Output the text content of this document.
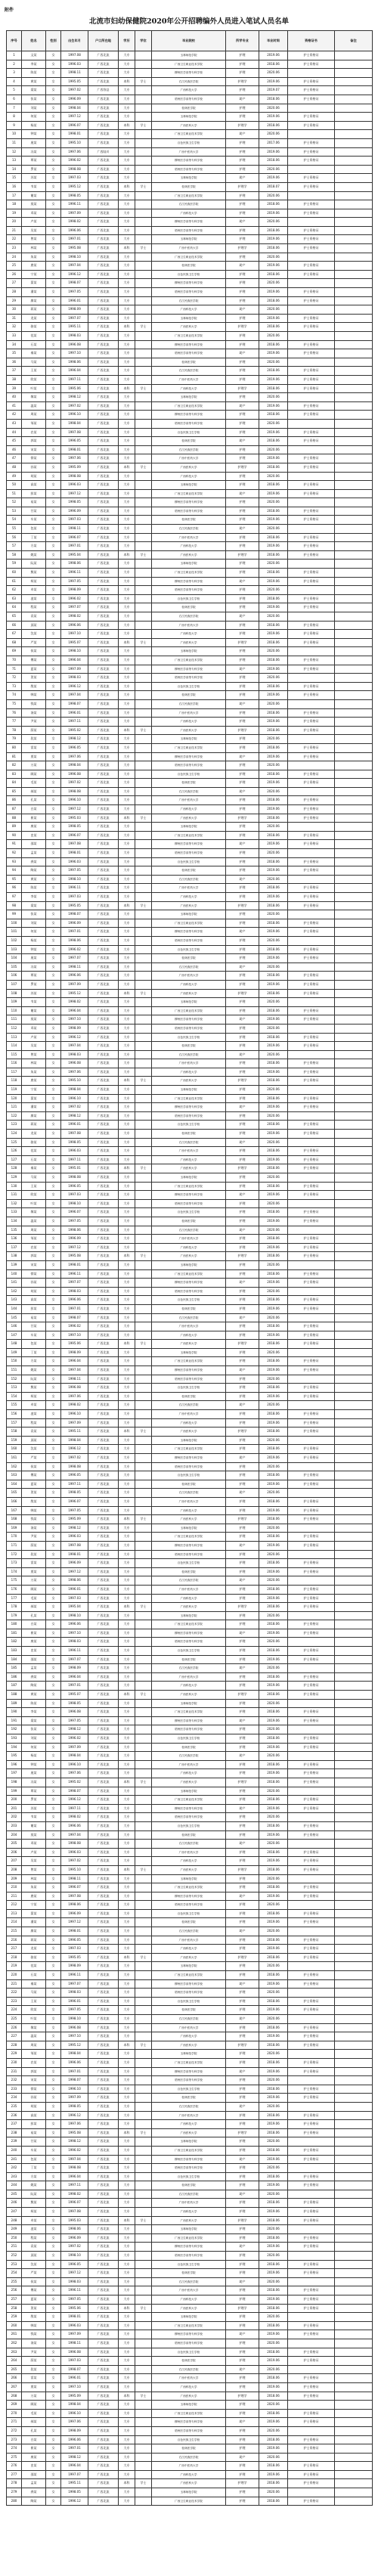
附件
北流市妇幼保健院2020年公开招聘编外人员进入笔试人员名单
序号	姓名	性别	出生年月	户口所在地	学历	学位	毕业院校	所学专业	毕业时间	资格证书	备注
1	文某	女	1997.08	广西北流	大专		玉林师范学院	护理	2019.06	护士资格证	
2	李某	女	1996.03	广西北流	大专		广西卫生职业技术学院	护理	2018.06	护士资格证	
3	陈某	女	1998.11	广西北流	大专		柳州医学高等专科学校	护理	2020.06		
4	黄某	女	1995.05	广西北流	本科	学士	右江民族医学院	护理学	2019.06	护士资格证	
5	梁某	女	1997.02	广西容县	大专		广西科技大学	护理	2019.07	护士资格证	
6	张某	女	1996.09	广西北流	大专		梧州医学高等专科学校	助产	2018.06	护士资格证	
7	刘某	女	1998.04	广西北流	大专		桂林医学院	护理	2020.06		
8	何某	女	1997.12	广西北流	大专		玉林师范学院	护理	2019.06	护士资格证	
9	杨某	女	1996.07	广西北流	本科	学士	广西医科大学	护理学	2018.06	护士资格证	
10	钟某	女	1998.01	广西北流	大专		广西卫生职业技术学院	助产	2020.06		
11	庞某	女	1995.10	广西北流	大专		百色民族卫生学校	护理	2017.06	护士资格证	
12	冯某	女	1997.06	广西陆川	大专		广西中医药大学	护理	2019.06	护士资格证	
13	覃某	女	1996.02	广西北流	大专		柳州医学高等专科学校	护理	2018.06	护士资格证	
14	罗某	女	1998.08	广西北流	大专		梧州医学高等专科学校	护理	2020.06		
15	苏某	女	1997.03	广西北流	大专		玉林师范学院	助产	2019.06	护士资格证	
16	韦某	女	1995.12	广西北流	本科	学士	桂林医学院	护理学	2018.07	护士资格证	
17	谢某	女	1998.05	广西北流	大专		广西卫生职业技术学院	护理	2020.06		
18	莫某	女	1996.11	广西北流	大专		右江民族医学院	护理	2018.06	护士资格证	
19	邓某	女	1997.09	广西北流	大专		广西科技大学	护理	2019.06	护士资格证	
20	卢某	女	1998.02	广西北流	大专		柳州医学高等专科学校	助产	2020.06		
21	吴某	女	1996.06	广西北流	大专		梧州医学高等专科学校	护理	2018.06	护士资格证	
22	曾某	女	1997.01	广西北流	大专		玉林师范学院	护理	2019.06	护士资格证	
23	林某	女	1995.08	广西北流	本科	学士	广西中医药大学	护理学	2018.06	护士资格证	
24	朱某	女	1998.10	广西北流	大专		广西卫生职业技术学院	护理	2020.06		
25	唐某	女	1997.04	广西北流	大专		桂林医学院	助产	2019.06	护士资格证	
26	宁某	女	1996.12	广西北流	大专		百色民族卫生学校	护理	2018.06	护士资格证	
27	蒙某	女	1998.07	广西北流	大专		柳州医学高等专科学校	护理	2020.06		
28	潘某	女	1997.05	广西北流	大专		梧州医学高等专科学校	护理	2019.06	护士资格证	
29	廖某	女	1996.01	广西北流	大专		右江民族医学院	护理	2018.06	护士资格证	
30	蒋某	女	1998.09	广西北流	大专		广西科技大学	助产	2020.06		
31	龙某	女	1997.07	广西北流	大专		玉林师范学院	护理	2019.06	护士资格证	
32	骆某	女	1995.11	广西北流	本科	学士	广西医科大学	护理学	2018.06	护士资格证	
33	范某	女	1998.03	广西北流	大专		广西卫生职业技术学院	护理	2020.06		
34	石某	女	1996.08	广西北流	大专		柳州医学高等专科学校	护理	2018.06	护士资格证	
35	秦某	女	1997.10	广西北流	大专		梧州医学高等专科学校	助产	2019.06	护士资格证	
36	马某	女	1998.06	广西北流	大专		桂林医学院	护理	2020.06		
37	王某	女	1996.04	广西北流	大专		右江民族医学院	护理	2018.06	护士资格证	
38	欧某	女	1997.11	广西北流	大专		广西中医药大学	护理	2019.06	护士资格证	
39	叶某	女	1995.06	广西北流	本科	学士	广西科技大学	护理学	2018.06	护士资格证	
40	黎某	女	1998.12	广西北流	大专		玉林师范学院	护理	2020.06		
41	温某	女	1997.02	广西北流	大专		广西卫生职业技术学院	助产	2019.06	护士资格证	
42	周某	女	1996.10	广西北流	大专		柳州医学高等专科学校	护理	2018.06	护士资格证	
43	邹某	女	1998.04	广西北流	大专		梧州医学高等专科学校	护理	2020.06		
44	农某	女	1997.08	广西北流	大专		百色民族卫生学校	护理	2019.06	护士资格证	
45	郭某	女	1996.05	广西北流	大专		桂林医学院	助产	2018.06	护士资格证	
46	宋某	女	1998.01	广西北流	大专		右江民族医学院	护理	2020.06		
47	徐某	女	1997.06	广西北流	大专		广西中医药大学	护理	2019.06	护士资格证	
48	孙某	女	1995.09	广西北流	本科	学士	广西医科大学	护理学	2018.06	护士资格证	
49	胡某	女	1998.08	广西北流	大专		广西科技大学	护理	2020.06		
50	高某	女	1996.03	广西北流	大专		玉林师范学院	护理	2018.06	护士资格证	
51	彭某	女	1997.12	广西北流	大专		广西卫生职业技术学院	助产	2019.06	护士资格证	
52	易某	女	1998.05	广西北流	大专		柳州医学高等专科学校	护理	2020.06		
53	甘某	女	1996.09	广西北流	大专		梧州医学高等专科学校	护理	2018.06	护士资格证	
54	车某	女	1997.03	广西北流	大专		桂林医学院	护理	2019.06	护士资格证	
55	包某	女	1998.11	广西北流	大专		右江民族医学院	助产	2020.06		
56	丁某	女	1996.07	广西北流	大专		广西中医药大学	护理	2018.06	护士资格证	
57	方某	女	1997.01	广西北流	大专		广西科技大学	护理	2019.06	护士资格证	
58	姚某	女	1995.04	广西北流	本科	学士	广西医科大学	护理学	2018.06	护士资格证	
59	阮某	女	1998.06	广西北流	大专		玉林师范学院	护理	2020.06		
60	熊某	女	1996.11	广西北流	大专		广西卫生职业技术学院	护理	2018.06	护士资格证	
61	柯某	女	1997.05	广西北流	大专		柳州医学高等专科学校	助产	2019.06	护士资格证	
62	卓某	女	1998.09	广西北流	大专		梧州医学高等专科学校	护理	2020.06		
63	凌某	女	1996.02	广西北流	大专		百色民族卫生学校	护理	2018.06	护士资格证	
64	程某	女	1997.07	广西北流	大专		桂林医学院	护理	2019.06	护士资格证	
65	袁某	女	1998.02	广西北流	大专		右江民族医学院	助产	2020.06		
66	邱某	女	1996.06	广西北流	大专		广西中医药大学	护理	2018.06	护士资格证	
67	沈某	女	1997.10	广西北流	大专		广西科技大学	护理	2019.06	护士资格证	
68	严某	女	1995.07	广西北流	本科	学士	广西医科大学	护理学	2018.06	护士资格证	
69	侯某	女	1998.10	广西北流	大专		玉林师范学院	护理	2020.06		
70	傅某	女	1996.04	广西北流	大专		广西卫生职业技术学院	护理	2018.06	护士资格证	
71	夏某	女	1997.09	广西北流	大专		柳州医学高等专科学校	助产	2019.06	护士资格证	
72	贺某	女	1998.03	广西北流	大专		梧州医学高等专科学校	护理	2020.06		
73	殷某	女	1996.12	广西北流	大专		百色民族卫生学校	护理	2018.06	护士资格证	
74	韩某	女	1997.04	广西北流	大专		桂林医学院	护理	2019.06	护士资格证	
75	钱某	女	1998.07	广西北流	大专		右江民族医学院	助产	2020.06		
76	汤某	女	1996.01	广西北流	大专		广西中医药大学	护理	2018.06	护士资格证	
77	尹某	女	1997.11	广西北流	大专		广西科技大学	护理	2019.06	护士资格证	
78	薛某	女	1995.02	广西北流	本科	学士	广西医科大学	护理学	2018.06	护士资格证	
79	段某	女	1998.12	广西北流	大专		玉林师范学院	护理	2020.06		
80	雷某	女	1996.05	广西北流	大专		广西卫生职业技术学院	护理	2018.06	护士资格证	
81	贾某	女	1997.06	广西北流	大专		柳州医学高等专科学校	助产	2019.06	护士资格证	
82	万某	女	1998.04	广西北流	大专		梧州医学高等专科学校	护理	2020.06		
83	顾某	女	1996.08	广西北流	大专		百色民族卫生学校	护理	2018.06	护士资格证	
84	毛某	女	1997.02	广西北流	大专		桂林医学院	护理	2019.06	护士资格证	
85	郝某	女	1998.08	广西北流	大专		右江民族医学院	助产	2020.06		
86	孔某	女	1996.10	广西北流	大专		广西中医药大学	护理	2018.06	护士资格证	
87	白某	女	1997.12	广西北流	大专		广西科技大学	护理	2019.06	护士资格证	
88	崔某	女	1995.03	广西北流	本科	学士	广西医科大学	护理学	2018.06	护士资格证	
89	康某	女	1998.05	广西北流	大专		玉林师范学院	护理	2020.06		
90	史某	女	1996.07	广西北流	大专		广西卫生职业技术学院	护理	2018.06	护士资格证	
91	邵某	女	1997.08	广西北流	大专		柳州医学高等专科学校	助产	2019.06	护士资格证	
92	孟某	女	1998.01	广西北流	大专		梧州医学高等专科学校	护理	2020.06		
93	龚某	女	1996.03	广西北流	大专		百色民族卫生学校	护理	2018.06	护士资格证	
94	陶某	女	1997.05	广西北流	大专		桂林医学院	护理	2019.06	护士资格证	
95	黄某	女	1998.10	广西北流	大专		右江民族医学院	助产	2020.06		
96	陈某	女	1996.11	广西北流	大专		广西中医药大学	护理	2018.06	护士资格证	
97	李某	女	1997.03	广西北流	大专		广西科技大学	护理	2019.06	护士资格证	
98	梁某	女	1995.05	广西北流	本科	学士	广西医科大学	护理学	2018.06	护士资格证	
99	张某	女	1998.07	广西北流	大专		玉林师范学院	护理	2020.06		
100	刘某	女	1996.09	广西北流	大专		广西卫生职业技术学院	护理	2018.06	护士资格证	
101	何某	女	1997.01	广西北流	大专		柳州医学高等专科学校	助产	2019.06	护士资格证	
102	杨某	女	1998.06	广西北流	大专		梧州医学高等专科学校	护理	2020.06		
103	钟某	女	1996.02	广西北流	大专		百色民族卫生学校	护理	2018.06	护士资格证	
104	庞某	女	1997.07	广西北流	大专		桂林医学院	护理	2019.06	护士资格证	
105	冯某	女	1998.11	广西北流	大专		右江民族医学院	助产	2020.06		
106	覃某	女	1996.06	广西北流	大专		广西中医药大学	护理	2018.06	护士资格证	
107	罗某	女	1997.09	广西北流	大专		广西科技大学	护理	2019.06	护士资格证	
108	苏某	女	1995.12	广西北流	本科	学士	广西医科大学	护理学	2018.06	护士资格证	
109	韦某	女	1998.02	广西北流	大专		玉林师范学院	护理	2020.06		
110	谢某	女	1996.04	广西北流	大专		广西卫生职业技术学院	护理	2018.06	护士资格证	
111	莫某	女	1997.10	广西北流	大专		柳州医学高等专科学校	助产	2019.06	护士资格证	
112	邓某	女	1998.09	广西北流	大专		梧州医学高等专科学校	护理	2020.06		
113	卢某	女	1996.12	广西北流	大专		百色民族卫生学校	护理	2018.06	护士资格证	
114	吴某	女	1997.04	广西北流	大专		桂林医学院	护理	2019.06	护士资格证	
115	曾某	女	1998.03	广西北流	大专		右江民族医学院	助产	2020.06		
116	林某	女	1996.08	广西北流	大专		广西中医药大学	护理	2018.06	护士资格证	
117	朱某	女	1997.06	广西北流	大专		广西科技大学	护理	2019.06	护士资格证	
118	唐某	女	1995.10	广西北流	本科	学士	广西医科大学	护理学	2018.06	护士资格证	
119	宁某	女	1998.04	广西北流	大专		玉林师范学院	护理	2020.06		
120	蒙某	女	1996.10	广西北流	大专		广西卫生职业技术学院	护理	2018.06	护士资格证	
121	潘某	女	1997.02	广西北流	大专		柳州医学高等专科学校	助产	2019.06	护士资格证	
122	廖某	女	1998.12	广西北流	大专		梧州医学高等专科学校	护理	2020.06		
123	蒋某	女	1996.01	广西北流	大专		百色民族卫生学校	护理	2018.06	护士资格证	
124	龙某	女	1997.08	广西北流	大专		桂林医学院	护理	2019.06	护士资格证	
125	骆某	女	1998.05	广西北流	大专		右江民族医学院	助产	2020.06		
126	范某	女	1996.03	广西北流	大专		广西中医药大学	护理	2018.06	护士资格证	
127	石某	女	1997.11	广西北流	大专		广西科技大学	护理	2019.06	护士资格证	
128	秦某	女	1995.01	广西北流	本科	学士	广西医科大学	护理学	2018.06	护士资格证	
129	马某	女	1998.08	广西北流	大专		玉林师范学院	护理	2020.06		
130	王某	女	1996.05	广西北流	大专		广西卫生职业技术学院	护理	2018.06	护士资格证	
131	欧某	女	1997.03	广西北流	大专		柳州医学高等专科学校	助产	2019.06	护士资格证	
132	叶某	女	1998.10	广西北流	大专		梧州医学高等专科学校	护理	2020.06		
133	黎某	女	1996.07	广西北流	大专		百色民族卫生学校	护理	2018.06	护士资格证	
134	温某	女	1997.05	广西北流	大专		桂林医学院	护理	2019.06	护士资格证	
135	周某	女	1998.06	广西北流	大专		右江民族医学院	助产	2020.06		
136	邹某	女	1996.09	广西北流	大专		广西中医药大学	护理	2018.06	护士资格证	
137	农某	女	1997.12	广西北流	大专		广西科技大学	护理	2019.06	护士资格证	
138	郭某	女	1995.08	广西北流	本科	学士	广西医科大学	护理学	2018.06	护士资格证	
139	宋某	女	1998.01	广西北流	大专		玉林师范学院	护理	2020.06		
140	徐某	女	1996.11	广西北流	大专		广西卫生职业技术学院	护理	2018.06	护士资格证	
141	孙某	女	1997.07	广西北流	大专		柳州医学高等专科学校	助产	2019.06	护士资格证	
142	胡某	女	1998.03	广西北流	大专		梧州医学高等专科学校	护理	2020.06		
143	高某	女	1996.06	广西北流	大专		百色民族卫生学校	护理	2018.06	护士资格证	
144	彭某	女	1997.01	广西北流	大专		桂林医学院	护理	2019.06	护士资格证	
145	易某	女	1998.07	广西北流	大专		右江民族医学院	助产	2020.06		
146	甘某	女	1996.02	广西北流	大专		广西中医药大学	护理	2018.06	护士资格证	
147	车某	女	1997.10	广西北流	大专		广西科技大学	护理	2019.06	护士资格证	
148	包某	女	1995.06	广西北流	本科	学士	广西医科大学	护理学	2018.06	护士资格证	
149	丁某	女	1998.09	广西北流	大专		玉林师范学院	护理	2020.06		
150	方某	女	1996.04	广西北流	大专		广西卫生职业技术学院	护理	2018.06	护士资格证	
151	姚某	女	1997.04	广西北流	大专		柳州医学高等专科学校	助产	2019.06	护士资格证	
152	阮某	女	1998.11	广西北流	大专		梧州医学高等专科学校	护理	2020.06		
153	熊某	女	1996.08	广西北流	大专		百色民族卫生学校	护理	2018.06	护士资格证	
154	柯某	女	1997.06	广西北流	大专		桂林医学院	护理	2019.06	护士资格证	
155	卓某	女	1998.02	广西北流	大专		右江民族医学院	助产	2020.06		
156	凌某	女	1996.10	广西北流	大专		广西中医药大学	护理	2018.06	护士资格证	
157	程某	女	1997.09	广西北流	大专		广西科技大学	护理	2019.06	护士资格证	
158	袁某	女	1995.11	广西北流	本科	学士	广西医科大学	护理学	2018.06	护士资格证	
159	邱某	女	1998.04	广西北流	大专		玉林师范学院	护理	2020.06		
160	沈某	女	1996.12	广西北流	大专		广西卫生职业技术学院	护理	2018.06	护士资格证	
161	严某	女	1997.02	广西北流	大专		柳州医学高等专科学校	助产	2019.06	护士资格证	
162	侯某	女	1998.08	广西北流	大专		梧州医学高等专科学校	护理	2020.06		
163	傅某	女	1996.05	广西北流	大专		百色民族卫生学校	护理	2018.06	护士资格证	
164	夏某	女	1997.11	广西北流	大专		桂林医学院	护理	2019.06	护士资格证	
165	贺某	女	1998.05	广西北流	大专		右江民族医学院	助产	2020.06		
166	殷某	女	1996.07	广西北流	大专		广西中医药大学	护理	2018.06	护士资格证	
167	韩某	女	1997.05	广西北流	大专		广西科技大学	护理	2019.06	护士资格证	
168	钱某	女	1995.09	广西北流	本科	学士	广西医科大学	护理学	2018.06	护士资格证	
169	汤某	女	1998.12	广西北流	大专		玉林师范学院	护理	2020.06		
170	尹某	女	1996.03	广西北流	大专		广西卫生职业技术学院	护理	2018.06	护士资格证	
171	薛某	女	1997.08	广西北流	大专		柳州医学高等专科学校	助产	2019.06	护士资格证	
172	段某	女	1998.01	广西北流	大专		梧州医学高等专科学校	护理	2020.06		
173	雷某	女	1996.09	广西北流	大专		百色民族卫生学校	护理	2018.06	护士资格证	
174	贾某	女	1997.12	广西北流	大专		桂林医学院	护理	2019.06	护士资格证	
175	万某	女	1998.06	广西北流	大专		右江民族医学院	助产	2020.06		
176	顾某	女	1996.01	广西北流	大专		广西中医药大学	护理	2018.06	护士资格证	
177	毛某	女	1997.03	广西北流	大专		广西科技大学	护理	2019.06	护士资格证	
178	郝某	女	1995.04	广西北流	本科	学士	广西医科大学	护理学	2018.06	护士资格证	
179	孔某	女	1998.10	广西北流	大专		玉林师范学院	护理	2020.06		
180	白某	女	1996.06	广西北流	大专		广西卫生职业技术学院	护理	2018.06	护士资格证	
181	崔某	女	1997.10	广西北流	大专		柳州医学高等专科学校	助产	2019.06	护士资格证	
182	康某	女	1998.03	广西北流	大专		梧州医学高等专科学校	护理	2020.06		
183	史某	女	1996.11	广西北流	大专		百色民族卫生学校	护理	2018.06	护士资格证	
184	邵某	女	1997.07	广西北流	大专		桂林医学院	护理	2019.06	护士资格证	
185	孟某	女	1998.09	广西北流	大专		右江民族医学院	助产	2020.06		
186	龚某	女	1996.04	广西北流	大专		广西中医药大学	护理	2018.06	护士资格证	
187	陶某	女	1997.01	广西北流	大专		广西科技大学	护理	2019.06	护士资格证	
188	黄某	女	1995.07	广西北流	本科	学士	广西医科大学	护理学	2018.06	护士资格证	
189	陈某	女	1998.05	广西北流	大专		玉林师范学院	护理	2020.06		
190	李某	女	1996.08	广西北流	大专		广西卫生职业技术学院	护理	2018.06	护士资格证	
191	梁某	女	1997.05	广西北流	大专		柳州医学高等专科学校	助产	2019.06	护士资格证	
192	张某	女	1998.12	广西北流	大专		梧州医学高等专科学校	护理	2020.06		
193	刘某	女	1996.02	广西北流	大专		百色民族卫生学校	护理	2018.06	护士资格证	
194	何某	女	1997.09	广西北流	大专		桂林医学院	护理	2019.06	护士资格证	
195	杨某	女	1998.04	广西北流	大专		右江民族医学院	助产	2020.06		
196	钟某	女	1996.10	广西北流	大专		广西中医药大学	护理	2018.06	护士资格证	
197	庞某	女	1997.06	广西北流	大专		广西科技大学	护理	2019.06	护士资格证	
198	冯某	女	1995.02	广西北流	本科	学士	广西医科大学	护理学	2018.06	护士资格证	
199	覃某	女	1998.07	广西北流	大专		玉林师范学院	护理	2020.06		
200	罗某	女	1996.12	广西北流	大专		广西卫生职业技术学院	护理	2018.06	护士资格证	
201	苏某	女	1997.11	广西北流	大专		柳州医学高等专科学校	助产	2019.06	护士资格证	
202	韦某	女	1998.02	广西北流	大专		梧州医学高等专科学校	护理	2020.06		
203	谢某	女	1996.06	广西北流	大专		百色民族卫生学校	护理	2018.06	护士资格证	
204	莫某	女	1997.04	广西北流	大专		桂林医学院	护理	2019.06	护士资格证	
205	邓某	女	1998.08	广西北流	大专		右江民族医学院	助产	2020.06		
206	卢某	女	1996.03	广西北流	大专		广西中医药大学	护理	2018.06	护士资格证	
207	吴某	女	1997.02	广西北流	大专		广西科技大学	护理	2019.06	护士资格证	
208	曾某	女	1995.10	广西北流	本科	学士	广西医科大学	护理学	2018.06	护士资格证	
209	林某	女	1998.11	广西北流	大专		玉林师范学院	护理	2020.06		
210	朱某	女	1996.07	广西北流	大专		广西卫生职业技术学院	护理	2018.06	护士资格证	
211	唐某	女	1997.08	广西北流	大专		柳州医学高等专科学校	助产	2019.06	护士资格证	
212	宁某	女	1998.06	广西北流	大专		梧州医学高等专科学校	护理	2020.06		
213	蒙某	女	1996.09	广西北流	大专		百色民族卫生学校	护理	2018.06	护士资格证	
214	潘某	女	1997.12	广西北流	大专		桂林医学院	护理	2019.06	护士资格证	
215	廖某	女	1998.01	广西北流	大专		右江民族医学院	助产	2020.06		
216	蒋某	女	1996.05	广西北流	大专		广西中医药大学	护理	2018.06	护士资格证	
217	龙某	女	1997.03	广西北流	大专		广西科技大学	护理	2019.06	护士资格证	
218	骆某	女	1995.05	广西北流	本科	学士	广西医科大学	护理学	2018.06	护士资格证	
219	范某	女	1998.09	广西北流	大专		玉林师范学院	护理	2020.06		
220	石某	女	1996.11	广西北流	大专		广西卫生职业技术学院	护理	2018.06	护士资格证	
221	秦某	女	1997.07	广西北流	大专		柳州医学高等专科学校	助产	2019.06	护士资格证	
222	马某	女	1998.03	广西北流	大专		梧州医学高等专科学校	护理	2020.06		
223	王某	女	1996.01	广西北流	大专		百色民族卫生学校	护理	2018.06	护士资格证	
224	欧某	女	1997.05	广西北流	大专		桂林医学院	护理	2019.06	护士资格证	
225	叶某	女	1998.10	广西北流	大专		右江民族医学院	助产	2020.06		
226	黎某	女	1996.08	广西北流	大专		广西中医药大学	护理	2018.06	护士资格证	
227	温某	女	1997.10	广西北流	大专		广西科技大学	护理	2019.06	护士资格证	
228	周某	女	1995.12	广西北流	本科	学士	广西医科大学	护理学	2018.06	护士资格证	
229	邹某	女	1998.04	广西北流	大专		玉林师范学院	护理	2020.06		
230	农某	女	1996.06	广西北流	大专		广西卫生职业技术学院	护理	2018.06	护士资格证	
231	郭某	女	1997.01	广西北流	大专		柳州医学高等专科学校	助产	2019.06	护士资格证	
232	宋某	女	1998.07	广西北流	大专		梧州医学高等专科学校	护理	2020.06		
233	徐某	女	1996.10	广西北流	大专		百色民族卫生学校	护理	2018.06	护士资格证	
234	孙某	女	1997.09	广西北流	大专		桂林医学院	护理	2019.06	护士资格证	
235	胡某	女	1998.05	广西北流	大专		右江民族医学院	助产	2020.06		
236	高某	女	1996.12	广西北流	大专		广西中医药大学	护理	2018.06	护士资格证	
237	彭某	女	1997.06	广西北流	大专		广西科技大学	护理	2019.06	护士资格证	
238	易某	女	1995.08	广西北流	本科	学士	广西医科大学	护理学	2018.06	护士资格证	
239	甘某	女	1998.12	广西北流	大专		玉林师范学院	护理	2020.06		
240	车某	女	1996.02	广西北流	大专		广西卫生职业技术学院	护理	2018.06	护士资格证	
241	包某	女	1997.04	广西北流	大专		柳州医学高等专科学校	助产	2019.06	护士资格证	
242	丁某	女	1998.08	广西北流	大专		梧州医学高等专科学校	护理	2020.06		
243	方某	女	1996.04	广西北流	大专		百色民族卫生学校	护理	2018.06	护士资格证	
244	姚某	女	1997.11	广西北流	大专		桂林医学院	护理	2019.06	护士资格证	
245	阮某	女	1998.02	广西北流	大专		右江民族医学院	助产	2020.06		
246	熊某	女	1996.07	广西北流	大专		广西中医药大学	护理	2018.06	护士资格证	
247	柯某	女	1997.08	广西北流	大专		广西科技大学	护理	2019.06	护士资格证	
248	卓某	女	1995.03	广西北流	本科	学士	广西医科大学	护理学	2018.06	护士资格证	
249	凌某	女	1998.06	广西北流	大专		玉林师范学院	护理	2020.06		
250	程某	女	1996.09	广西北流	大专		广西卫生职业技术学院	护理	2018.06	护士资格证	
251	袁某	女	1997.02	广西北流	大专		柳州医学高等专科学校	助产	2019.06	护士资格证	
252	邱某	女	1998.10	广西北流	大专		梧州医学高等专科学校	护理	2020.06		
253	沈某	女	1996.05	广西北流	大专		百色民族卫生学校	护理	2018.06	护士资格证	
254	严某	女	1997.12	广西北流	大专		桂林医学院	护理	2019.06	护士资格证	
255	侯某	女	1998.03	广西北流	大专		右江民族医学院	助产	2020.06		
256	傅某	女	1996.11	广西北流	大专		广西中医药大学	护理	2018.06	护士资格证	
257	夏某	女	1997.05	广西北流	大专		广西科技大学	护理	2019.06	护士资格证	
258	贺某	女	1995.06	广西北流	本科	学士	广西医科大学	护理学	2018.06	护士资格证	
259	殷某	女	1998.01	广西北流	大专		玉林师范学院	护理	2020.06		
260	韩某	女	1996.03	广西北流	大专		广西卫生职业技术学院	护理	2018.06	护士资格证	
261	钱某	女	1997.09	广西北流	大专		柳州医学高等专科学校	助产	2019.06	护士资格证	
262	汤某	女	1998.11	广西北流	大专		梧州医学高等专科学校	护理	2020.06		
263	尹某	女	1996.08	广西北流	大专		百色民族卫生学校	护理	2018.06	护士资格证	
264	薛某	女	1997.03	广西北流	大专		桂林医学院	护理	2019.06	护士资格证	
265	段某	女	1998.07	广西北流	大专		右江民族医学院	助产	2020.06		
266	雷某	女	1996.01	广西北流	大专		广西中医药大学	护理	2018.06	护士资格证	
267	贾某	女	1997.10	广西北流	大专		广西科技大学	护理	2019.06	护士资格证	
268	万某	女	1995.09	广西北流	本科	学士	广西医科大学	护理学	2018.06	护士资格证	
269	顾某	女	1998.04	广西北流	大专		玉林师范学院	护理	2020.06		
270	毛某	女	1996.10	广西北流	大专		广西卫生职业技术学院	护理	2018.06	护士资格证	
271	郝某	女	1997.06	广西北流	大专		柳州医学高等专科学校	助产	2019.06	护士资格证	
272	孔某	女	1998.09	广西北流	大专		梧州医学高等专科学校	护理	2020.06		
273	白某	女	1996.06	广西北流	大专		百色民族卫生学校	护理	2018.06	护士资格证	
274	崔某	女	1997.01	广西北流	大专		桂林医学院	护理	2019.06	护士资格证	
275	康某	女	1998.12	广西北流	大专		右江民族医学院	助产	2020.06		
276	史某	女	1996.04	广西北流	大专		广西中医药大学	护理	2018.06	护士资格证	
277	邵某	女	1997.07	广西北流	大专		广西科技大学	护理	2019.06	护士资格证	
278	孟某	女	1995.11	广西北流	本科	学士	广西医科大学	护理学	2018.06	护士资格证	
279	龚某	女	1998.05	广西北流	大专		玉林师范学院	护理	2020.06		
280	陶某	女	1996.12	广西北流	大专		广西卫生职业技术学院	护理	2018.06	护士资格证	
